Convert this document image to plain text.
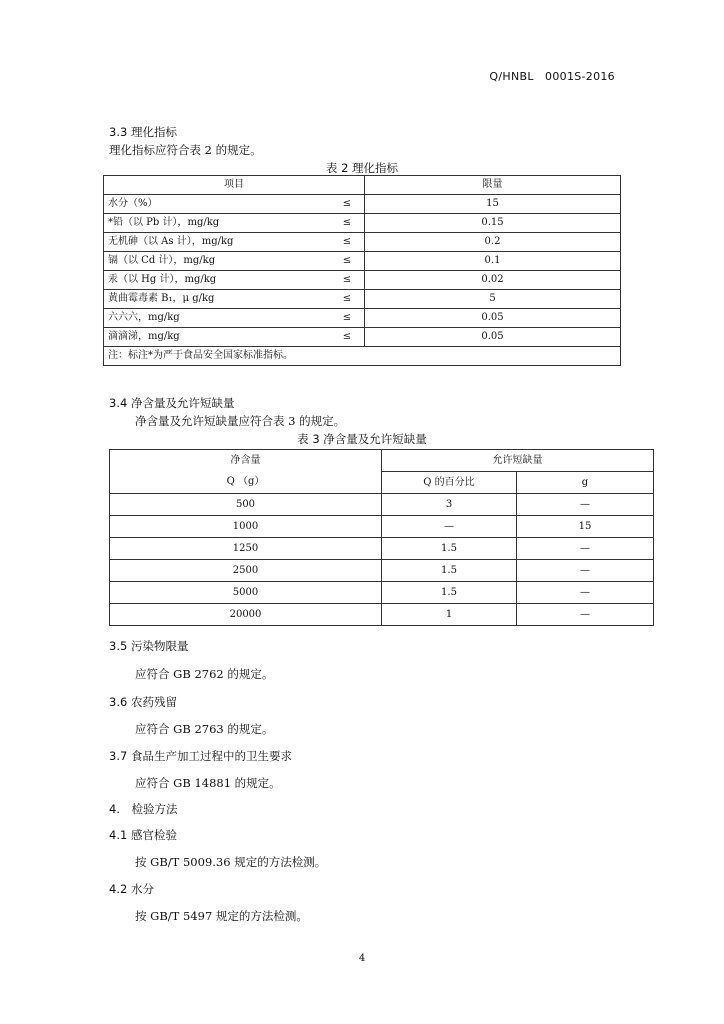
Q/HNBL　0001S-2016
3.3 理化指标
理化指标应符合表 2 的规定。
表 2 理化指标
项目		限量
水分（%）	≤	15
*铅（以 Pb 计），mg/kg	≤	0.15
无机砷（以 As 计），mg/kg	≤	0.2
镉（以 Cd 计），mg/kg	≤	0.1
汞（以 Hg 计），mg/kg	≤	0.02
黄曲霉毒素 B₁，μ g/kg	≤	5
六六六，mg/kg	≤	0.05
滴滴涕，mg/kg	≤	0.05
注：标注*为严于食品安全国家标准指标。		
3.4 净含量及允许短缺量
净含量及允许短缺量应符合表 3 的规定。
表 3 净含量及允许短缺量
净含量	允许短缺量	
Q （g）	Q 的百分比	g
500	3	—
1000	—	15
1250	1.5	—
2500	1.5	—
5000	1.5	—
20000	1	—
3.5 污染物限量
应符合 GB 2762 的规定。
3.6 农药残留
应符合 GB 2763 的规定。
3.7 食品生产加工过程中的卫生要求
应符合 GB 14881 的规定。
4.　检验方法
4.1 感官检验
按 GB/T 5009.36 规定的方法检测。
4.2 水分
按 GB/T 5497 规定的方法检测。
4
